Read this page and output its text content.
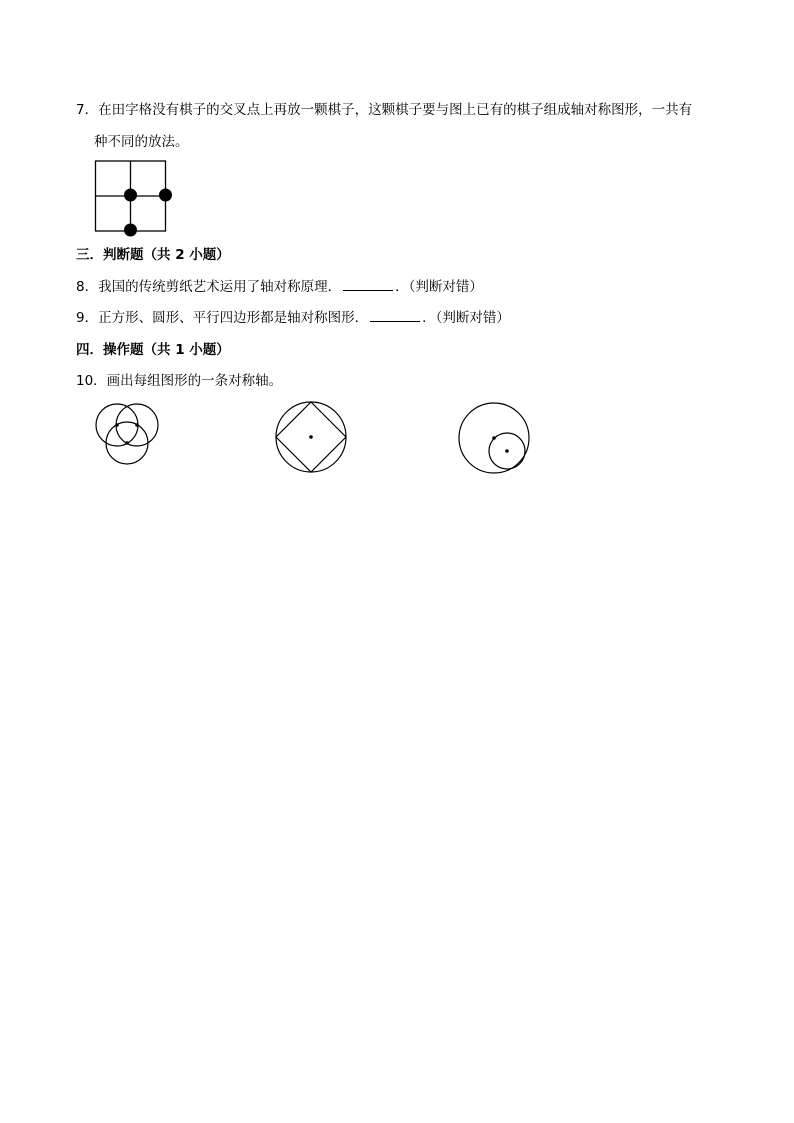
7．在田字格没有棋子的交叉点上再放一颗棋子，这颗棋子要与图上已有的棋子组成轴对称图形，一共有
种不同的放法。
三．判断题（共 2 小题）
8．我国的传统剪纸艺术运用了轴对称原理．	．（判断对错）
9．正方形、圆形、平行四边形都是轴对称图形．	．（判断对错）
四．操作题（共 1 小题）
10．画出每组图形的一条对称轴。
